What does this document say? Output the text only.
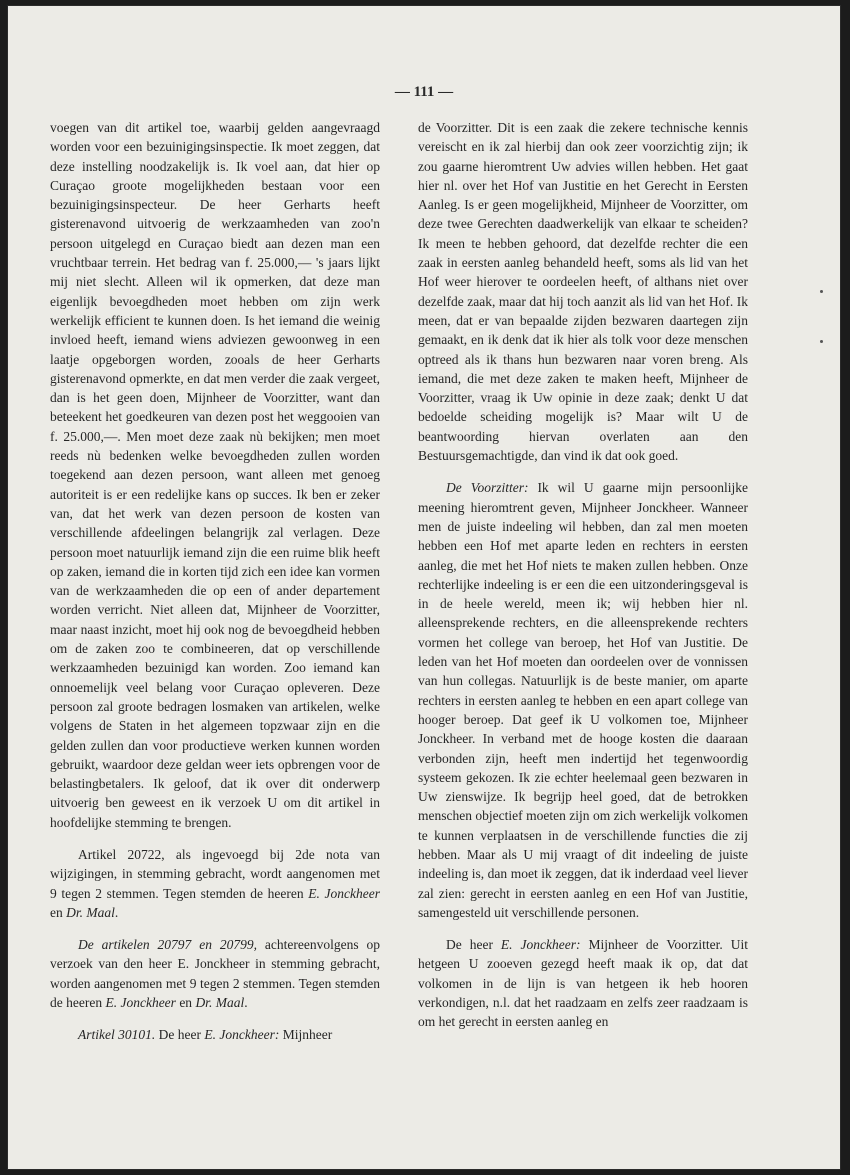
— 111 —

voegen van dit artikel toe, waarbij gelden aangevraagd worden voor een bezuinigingsinspectie. Ik moet zeggen, dat deze instelling noodzakelijk is. Ik voel aan, dat hier op Curaçao groote mogelijkheden bestaan voor een bezuinigingsinspecteur. De heer Gerharts heeft gisterenavond uitvoerig de werkzaamheden van zoo'n persoon uitgelegd en Curaçao biedt aan dezen man een vruchtbaar terrein. Het bedrag van f. 25.000,— 's jaars lijkt mij niet slecht. Alleen wil ik opmerken, dat deze man eigenlijk bevoegdheden moet hebben om zijn werk werkelijk efficient te kunnen doen. Is het iemand die weinig invloed heeft, iemand wiens adviezen gewoonweg in een laatje opgeborgen worden, zooals de heer Gerharts gisterenavond opmerkte, en dat men verder die zaak vergeet, dan is het geen doen, Mijnheer de Voorzitter, want dan beteekent het goedkeuren van dezen post het weggooien van f. 25.000,—. Men moet deze zaak nù bekijken; men moet reeds nù bedenken welke bevoegdheden zullen worden toegekend aan dezen persoon, want alleen met genoeg autoriteit is er een redelijke kans op succes. Ik ben er zeker van, dat het werk van dezen persoon de kosten van verschillende afdeelingen belangrijk zal verlagen. Deze persoon moet natuurlijk iemand zijn die een ruime blik heeft op zaken, iemand die in korten tijd zich een idee kan vormen van de werkzaamheden die op een of ander departement worden verricht. Niet alleen dat, Mijnheer de Voorzitter, maar naast inzicht, moet hij ook nog de bevoegdheid hebben om de zaken zoo te combineeren, dat op verschillende werkzaamheden bezuinigd kan worden. Zoo iemand kan onnoemelijk veel belang voor Curaçao opleveren. Deze persoon zal groote bedragen losmaken van artikelen, welke volgens de Staten in het algemeen topzwaar zijn en die gelden zullen dan voor productieve werken kunnen worden gebruikt, waardoor deze geldan weer iets opbrengen voor de belastingbetalers. Ik geloof, dat ik over dit onderwerp uitvoerig ben geweest en ik verzoek U om dit artikel in hoofdelijke stemming te brengen.

Artikel 20722, als ingevoegd bij 2de nota van wijzigingen, in stemming gebracht, wordt aangenomen met 9 tegen 2 stemmen. Tegen stemden de heeren E. Jonckheer en Dr. Maal.

De artikelen 20797 en 20799, achtereenvolgens op verzoek van den heer E. Jonckheer in stemming gebracht, worden aangenomen met 9 tegen 2 stemmen. Tegen stemden de heeren E. Jonckheer en Dr. Maal.

Artikel 30101. De heer E. Jonckheer: Mijnheer

de Voorzitter. Dit is een zaak die zekere technische kennis vereischt en ik zal hierbij dan ook zeer voorzichtig zijn; ik zou gaarne hieromtrent Uw advies willen hebben. Het gaat hier nl. over het Hof van Justitie en het Gerecht in Eersten Aanleg. Is er geen mogelijkheid, Mijnheer de Voorzitter, om deze twee Gerechten daadwerkelijk van elkaar te scheiden? Ik meen te hebben gehoord, dat dezelfde rechter die een zaak in eersten aanleg behandeld heeft, soms als lid van het Hof weer hierover te oordeelen heeft, of althans niet over dezelfde zaak, maar dat hij toch aanzit als lid van het Hof. Ik meen, dat er van bepaalde zijden bezwaren daartegen zijn gemaakt, en ik denk dat ik hier als tolk voor deze menschen optreed als ik thans hun bezwaren naar voren breng. Als iemand, die met deze zaken te maken heeft, Mijnheer de Voorzitter, vraag ik Uw opinie in deze zaak; denkt U dat bedoelde scheiding mogelijk is? Maar wilt U de beantwoording hiervan overlaten aan den Bestuursgemachtigde, dan vind ik dat ook goed.

De Voorzitter: Ik wil U gaarne mijn persoonlijke meening hieromtrent geven, Mijnheer Jonckheer. Wanneer men de juiste indeeling wil hebben, dan zal men moeten hebben een Hof met aparte leden en rechters in eersten aanleg, die met het Hof niets te maken zullen hebben. Onze rechterlijke indeeling is er een die een uitzonderingsgeval is in de heele wereld, meen ik; wij hebben hier nl. alleensprekende rechters, en die alleensprekende rechters vormen het college van beroep, het Hof van Justitie. De leden van het Hof moeten dan oordeelen over de vonnissen van hun collegas. Natuurlijk is de beste manier, om aparte rechters in eersten aanleg te hebben en een apart college van hooger beroep. Dat geef ik U volkomen toe, Mijnheer Jonckheer. In verband met de hooge kosten die daaraan verbonden zijn, heeft men indertijd het tegenwoordig systeem gekozen. Ik zie echter heelemaal geen bezwaren in Uw zienswijze. Ik begrijp heel goed, dat de betrokken menschen objectief moeten zijn om zich werkelijk volkomen te kunnen verplaatsen in de verschillende functies die zij hebben. Maar als U mij vraagt of dit indeeling de juiste indeeling is, dan moet ik zeggen, dat ik inderdaad veel liever zal zien: gerecht in eersten aanleg en een Hof van Justitie, samengesteld uit verschillende personen.

De heer E. Jonckheer: Mijnheer de Voorzitter. Uit hetgeen U zooeven gezegd heeft maak ik op, dat dat volkomen in de lijn is van hetgeen ik heb hooren verkondigen, n.l. dat het raadzaam en zelfs zeer raadzaam is om het gerecht in eersten aanleg en
